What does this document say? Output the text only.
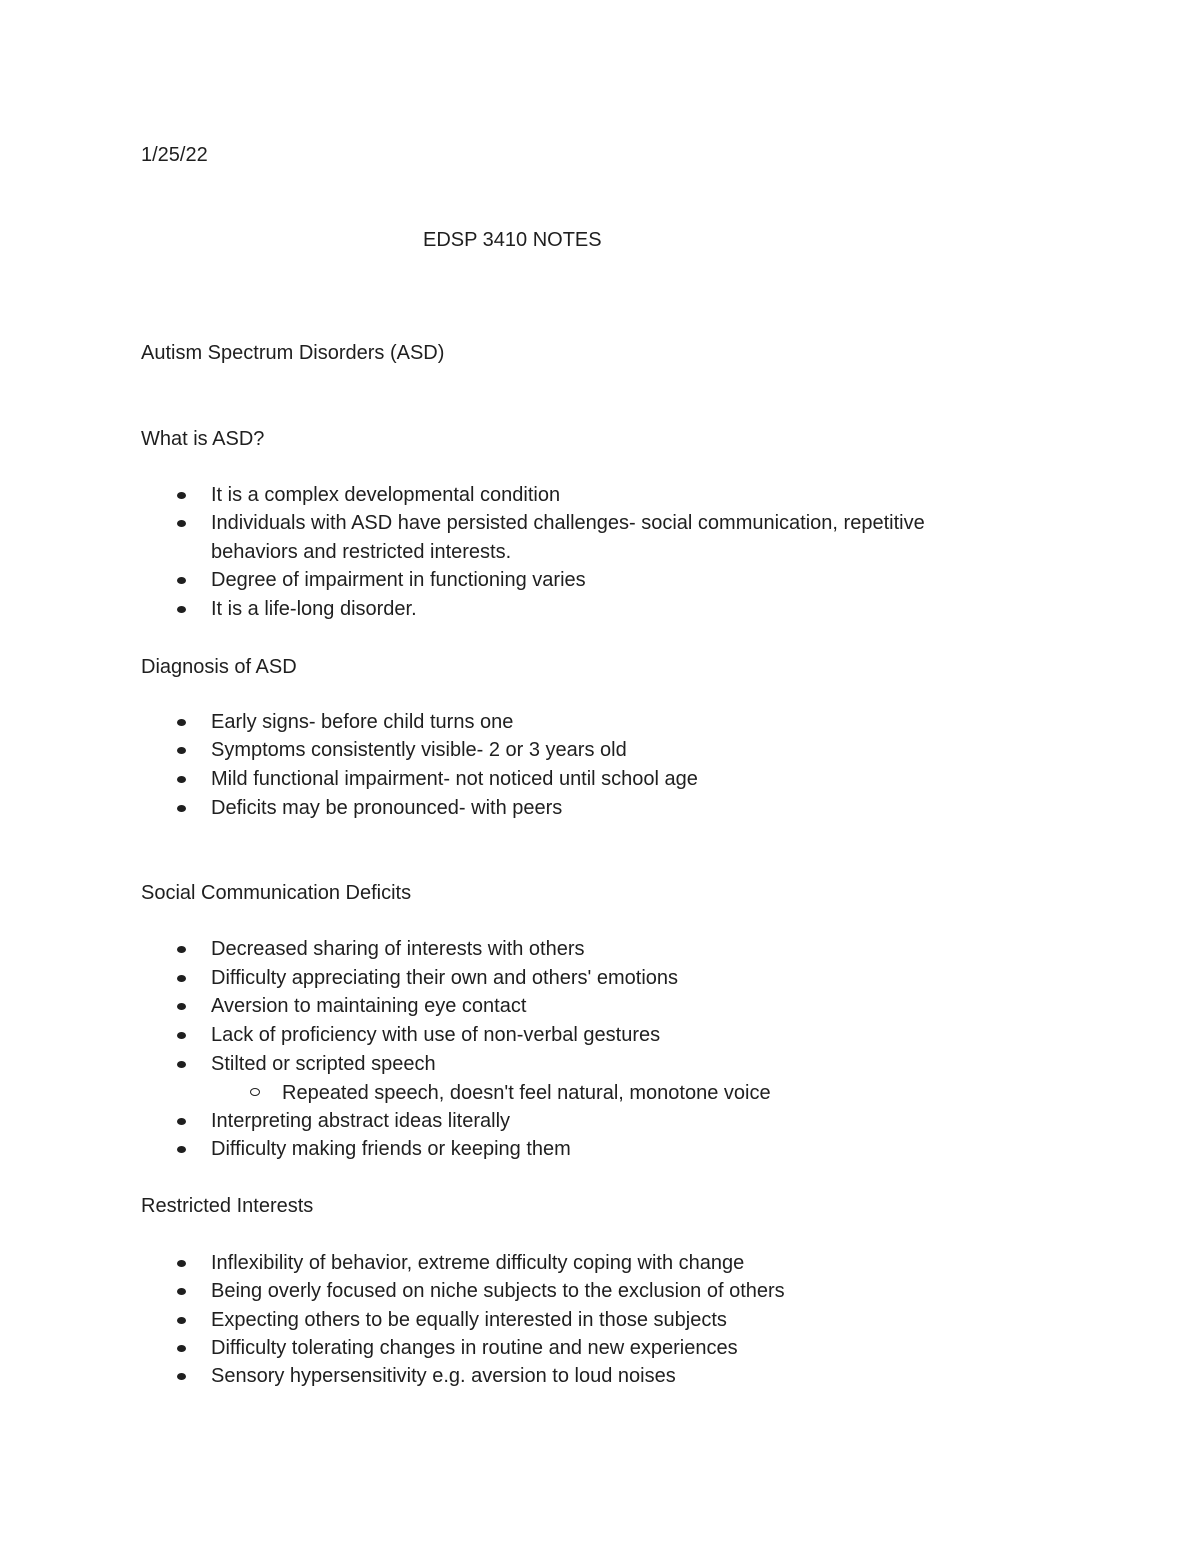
1/25/22
EDSP 3410 NOTES
Autism Spectrum Disorders (ASD)
What is ASD?
It is a complex developmental condition
Individuals with ASD have persisted challenges- social communication, repetitive behaviors and restricted interests.
Degree of impairment in functioning varies
It is a life-long disorder.
Diagnosis of ASD
Early signs- before child turns one
Symptoms consistently visible- 2 or 3 years old
Mild functional impairment- not noticed until school age
Deficits may be pronounced- with peers
Social Communication Deficits
Decreased sharing of interests with others
Difficulty appreciating their own and others' emotions
Aversion to maintaining eye contact
Lack of proficiency with use of non-verbal gestures
Stilted or scripted speech
Repeated speech, doesn't feel natural, monotone voice
Interpreting abstract ideas literally
Difficulty making friends or keeping them
Restricted Interests
Inflexibility of behavior, extreme difficulty coping with change
Being overly focused on niche subjects to the exclusion of others
Expecting others to be equally interested in those subjects
Difficulty tolerating changes in routine and new experiences
Sensory hypersensitivity e.g. aversion to loud noises
